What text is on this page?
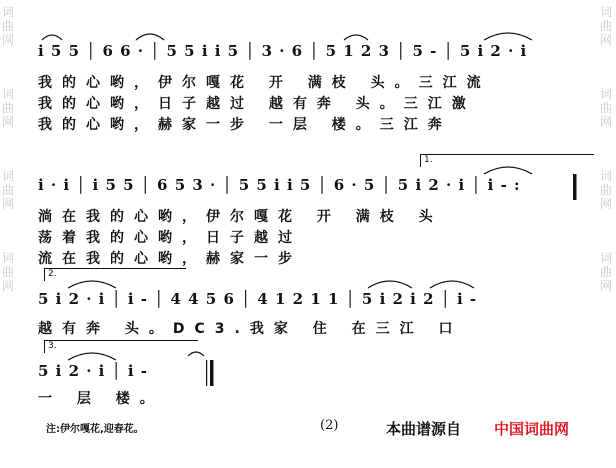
词
曲
网
词
曲
网
词
曲
网
词
曲
网
词
曲
网
词
曲
网
词
曲
网
词
曲
网
i 5 5 │ 6 6 · │ 5 5 i i 5 │ 3 · 6 │ 5 1 2 3 │ 5 - │ 5 i 2 · i
我的心哟，伊尔嘎花 开 满枝 头。三江流
我的心哟，日子越过 越有奔 头。三江激
我的心哟，赫家一步 一层 楼。三江奔
1.
i · i │ i 5 5 │ 6 5 3 · │ 5 5 i i 5 │ 6 · 5 │ 5 i 2 · i │ i - :
淌在我的心哟，伊尔嘎花 开 满枝 头
荡着我的心哟，日子越过
流在我的心哟，赫家一步
2.
5 i 2 · i │ i - │ 4 4 5 6 │ 4 1 2 1 1 │ 5 i 2 i 2 │ i -
越有奔 头。DC3.我家 住 在三江 口
3.
5 i 2 · i │ i -
一 层 楼。
注:伊尔嘎花,迎春花。	(2)	本曲谱源自 中国词曲网
